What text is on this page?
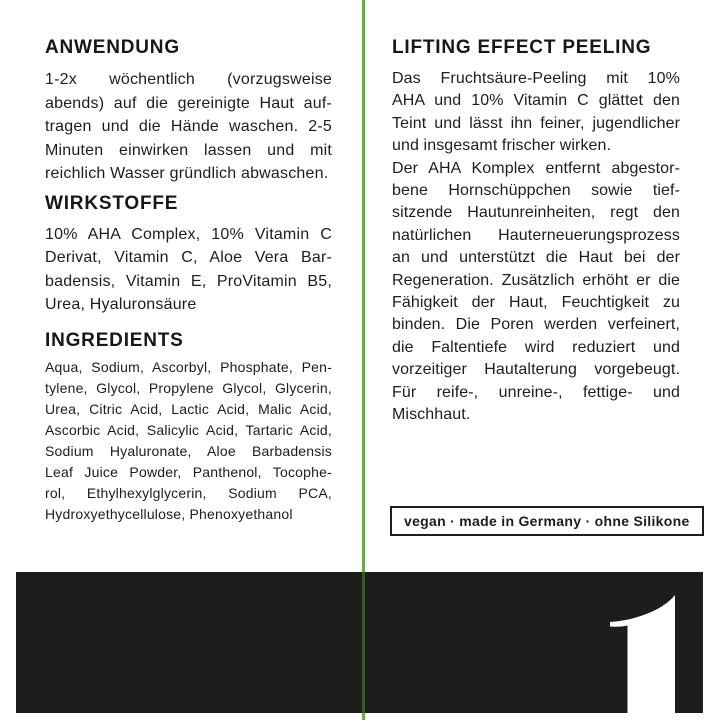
ANWENDUNG
1-2x wöchentlich (vorzugsweise
abends) auf die gereinigte Haut auf-
tragen und die Hände waschen. 2-5
Minuten einwirken lassen und mit
reichlich Wasser gründlich abwaschen.
WIRKSTOFFE
10% AHA Complex, 10% Vitamin C
Derivat, Vitamin C, Aloe Vera Bar-
badensis, Vitamin E, ProVitamin B5,
Urea, Hyaluronsäure
INGREDIENTS
Aqua, Sodium, Ascorbyl, Phosphate, Pen-
tylene, Glycol, Propylene Glycol, Glycerin,
Urea, Citric Acid, Lactic Acid, Malic Acid,
Ascorbic Acid, Salicylic Acid, Tartaric Acid,
Sodium Hyaluronate, Aloe Barbadensis
Leaf Juice Powder, Panthenol, Tocophe-
rol, Ethylhexylglycerin, Sodium PCA,
Hydroxyethycellulose, Phenoxyethanol
LIFTING EFFECT PEELING
Das Fruchtsäure-Peeling mit 10%
AHA und 10% Vitamin C glättet den
Teint und lässt ihn feiner, jugendlicher
und insgesamt frischer wirken.
Der AHA Komplex entfernt abgestor-
bene Hornschüppchen sowie tief-
sitzende Hautunreinheiten, regt den
natürlichen Hauterneuerungsprozess
an und unterstützt die Haut bei der
Regeneration. Zusätzlich erhöht er die
Fähigkeit der Haut, Feuchtigkeit zu
binden. Die Poren werden verfeinert,
die Faltentiefe wird reduziert und
vorzeitiger Hautalterung vorgebeugt.
Für reife-, unreine-, fettige- und
Mischhaut.
vegan · made in Germany · ohne Silikone
